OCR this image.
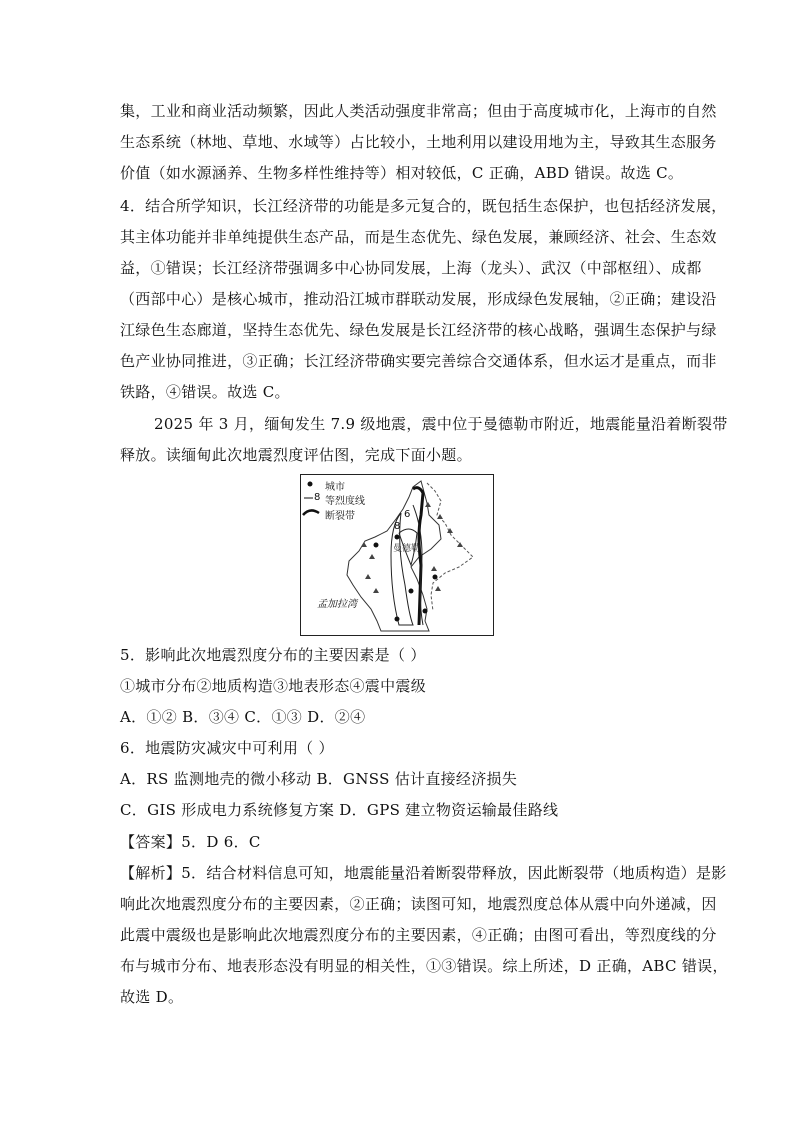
集，工业和商业活动频繁，因此人类活动强度非常高；但由于高度城市化，上海市的自然
生态系统（林地、草地、水域等）占比较小，土地利用以建设用地为主，导致其生态服务
价值（如水源涵养、生物多样性维持等）相对较低，C 正确，ABD 错误。故选 C。
4．结合所学知识，长江经济带的功能是多元复合的，既包括生态保护，也包括经济发展，
其主体功能并非单纯提供生态产品，而是生态优先、绿色发展，兼顾经济、社会、生态效
益，①错误；长江经济带强调多中心协同发展，上海（龙头）、武汉（中部枢纽）、成都
（西部中心）是核心城市，推动沿江城市群联动发展，形成绿色发展轴，②正确；建设沿
江绿色生态廊道，坚持生态优先、绿色发展是长江经济带的核心战略，强调生态保护与绿
色产业协同推进，③正确；长江经济带确实要完善综合交通体系，但水运才是重点，而非
铁路，④错误。故选 C。
2025 年 3 月，缅甸发生 7.9 级地震，震中位于曼德勒市附近，地震能量沿着断裂带
释放。读缅甸此次地震烈度评估图，完成下面小题。
城市
8 等烈度线
断裂带	6
8
曼德勒
孟加拉湾
5．影响此次地震烈度分布的主要因素是（ ）
①城市分布②地质构造③地表形态④震中震级
A．①② B．③④ C．①③ D．②④
6．地震防灾减灾中可利用（ ）
A．RS 监测地壳的微小移动 B．GNSS 估计直接经济损失
C．GIS 形成电力系统修复方案 D．GPS 建立物资运输最佳路线
【答案】5．D 6．C
【解析】5．结合材料信息可知，地震能量沿着断裂带释放，因此断裂带（地质构造）是影
响此次地震烈度分布的主要因素，②正确；读图可知，地震烈度总体从震中向外递减，因
此震中震级也是影响此次地震烈度分布的主要因素，④正确；由图可看出，等烈度线的分
布与城市分布、地表形态没有明显的相关性，①③错误。综上所述，D 正确，ABC 错误，
故选 D。
